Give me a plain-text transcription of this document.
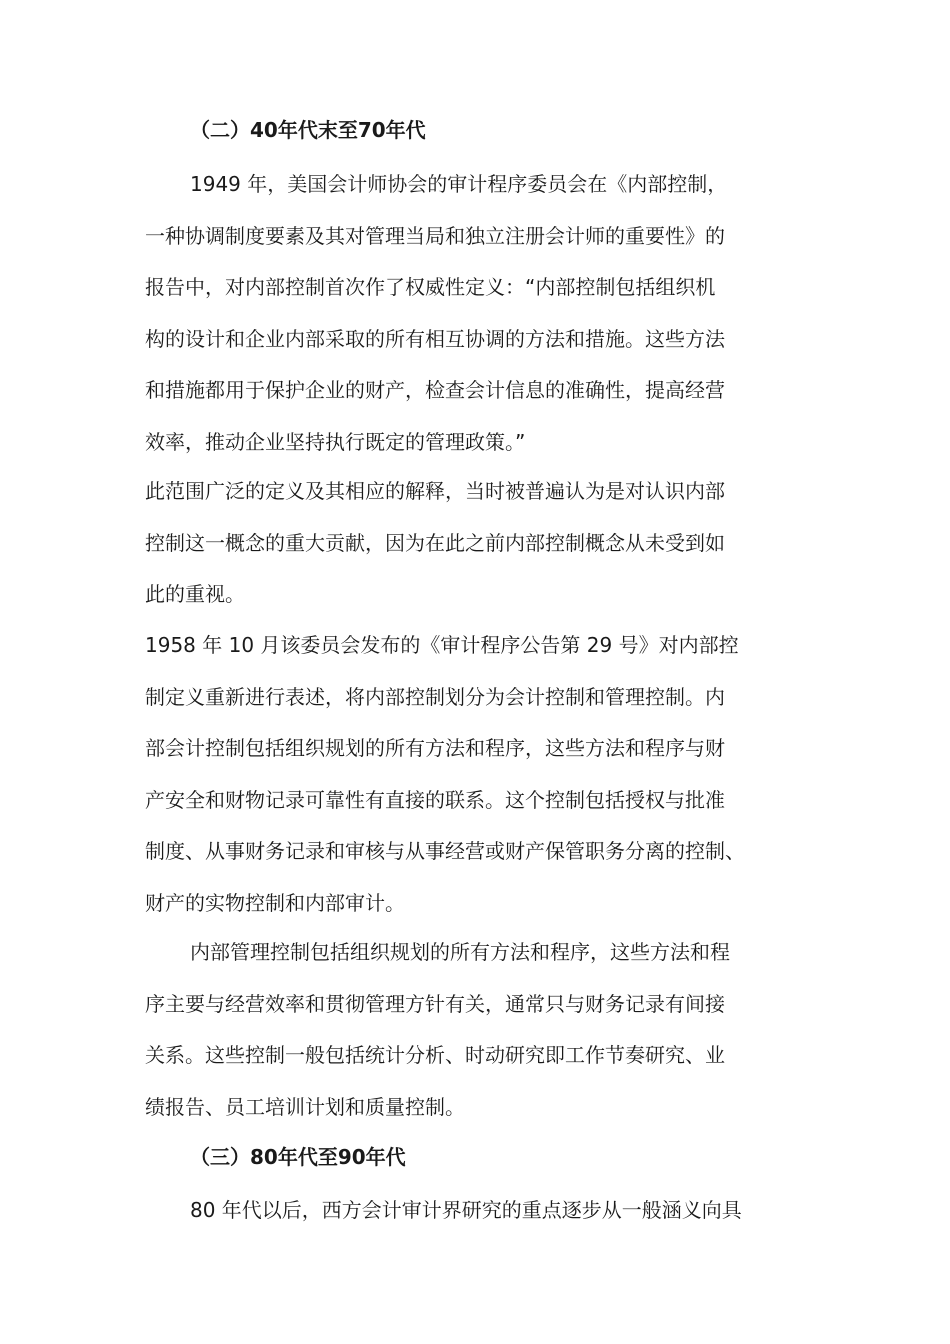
（二）40年代末至70年代
1949 年，美国会计师协会的审计程序委员会在《内部控制，
一种协调制度要素及其对管理当局和独立注册会计师的重要性》的
报告中，对内部控制首次作了权威性定义：“内部控制包括组织机
构的设计和企业内部采取的所有相互协调的方法和措施。这些方法
和措施都用于保护企业的财产，检查会计信息的准确性，提高经营
效率，推动企业坚持执行既定的管理政策。”
此范围广泛的定义及其相应的解释，当时被普遍认为是对认识内部
控制这一概念的重大贡献，因为在此之前内部控制概念从未受到如
此的重视。
1958 年 10 月该委员会发布的《审计程序公告第 29 号》对内部控
制定义重新进行表述，将内部控制划分为会计控制和管理控制。内
部会计控制包括组织规划的所有方法和程序，这些方法和程序与财
产安全和财物记录可靠性有直接的联系。这个控制包括授权与批准
制度、从事财务记录和审核与从事经营或财产保管职务分离的控制、
财产的实物控制和内部审计。
内部管理控制包括组织规划的所有方法和程序，这些方法和程
序主要与经营效率和贯彻管理方针有关，通常只与财务记录有间接
关系。这些控制一般包括统计分析、时动研究即工作节奏研究、业
绩报告、员工培训计划和质量控制。
（三）80年代至90年代
80 年代以后，西方会计审计界研究的重点逐步从一般涵义向具
